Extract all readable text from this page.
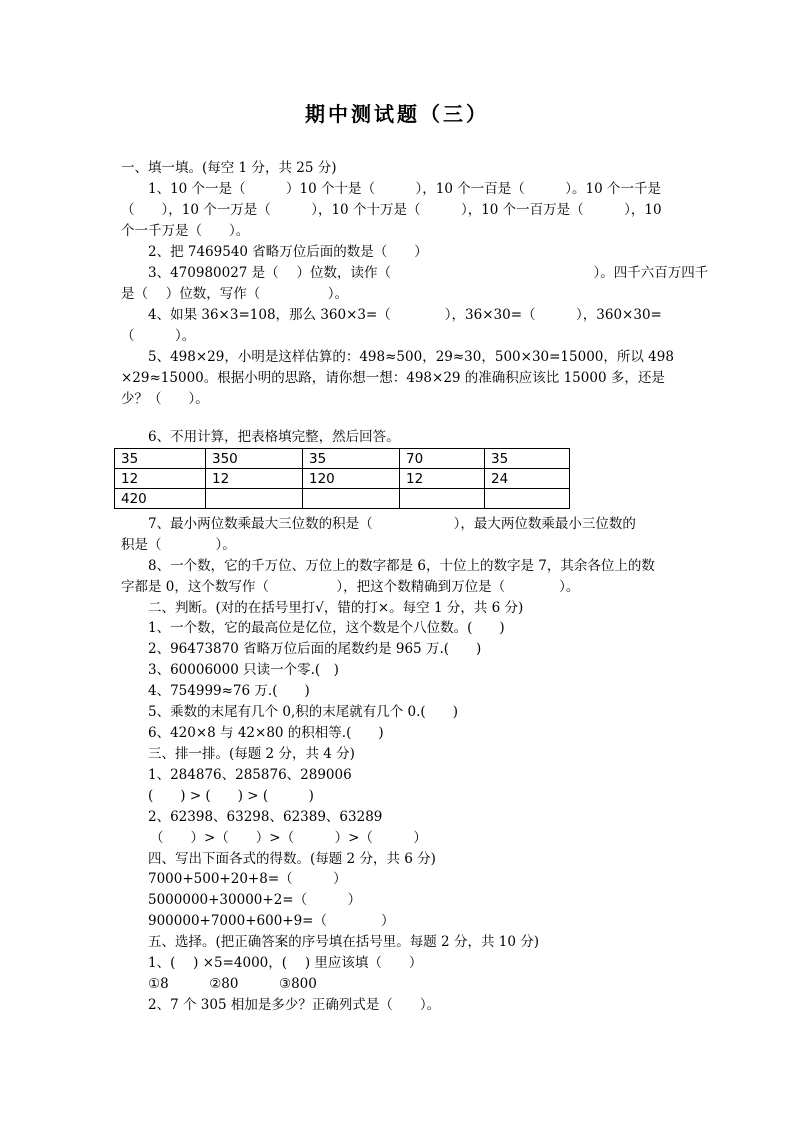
期中测试题（三）
一、填一填。(每空 1 分，共 25 分)
1、10 个一是（　　　）10 个十是（　　　），10 个一百是（　　　）。10 个一千是
（　　），10 个一万是（　　　），10 个十万是（　　　），10 个一百万是（　　　），10
个一千万是（　　）。
2、把 7469540 省略万位后面的数是（　　）
3、470980027 是（　 ）位数，读作（　　　　　　　　　　　　　　　）。四千六百万四千
是（　 ）位数，写作（　　　　　）。
4、如果 36×3=108，那么 360×3=（　　　　），36×30=（　　　），360×30=
（　　　）。
5、498×29，小明是这样估算的：498≈500，29≈30，500×30=15000，所以 498
×29≈15000。根据小明的思路，请你想一想：498×29 的准确积应该比 15000 多，还是
少？（　　）。
6、不用计算，把表格填完整，然后回答。
35	350	35	70	35
12	12	120	12	24
420				
7、最小两位数乘最大三位数的积是（　　　　　　），最大两位数乘最小三位数的
积是（　　　　）。
8、一个数，它的千万位、万位上的数字都是 6，十位上的数字是 7，其余各位上的数
字都是 0，这个数写作（　　　　　），把这个数精确到万位是（　　　　）。
二、判断。(对的在括号里打√，错的打×。每空 1 分，共 6 分)
1、一个数，它的最高位是亿位，这个数是个八位数。(　　)
2、96473870 省略万位后面的尾数约是 965 万.(　　)
3、60006000 只读一个零.(　)
4、754999≈76 万.(　　)
5、乘数的末尾有几个 0,积的末尾就有几个 0.(　　)
6、420×8 与 42×80 的积相等.(　　)
三、排一排。(每题 2 分，共 4 分)
1、284876、285876、289006
(　　) > (　　) > (　　　)
2、62398、63298、62389、63289
（　　）>（　　）>（　　　）>（　　　）
四、写出下面各式的得数。(每题 2 分，共 6 分)
7000+500+20+8=（　　　）
5000000+30000+2=（　　　）
900000+7000+600+9=（　　　　）
五、选择。(把正确答案的序号填在括号里。每题 2 分，共 10 分)
1、(　 ) ×5=4000，(　 ) 里应该填（　　）
①8　　　②80　　　③800
2、7 个 305 相加是多少？正确列式是（　　）。
